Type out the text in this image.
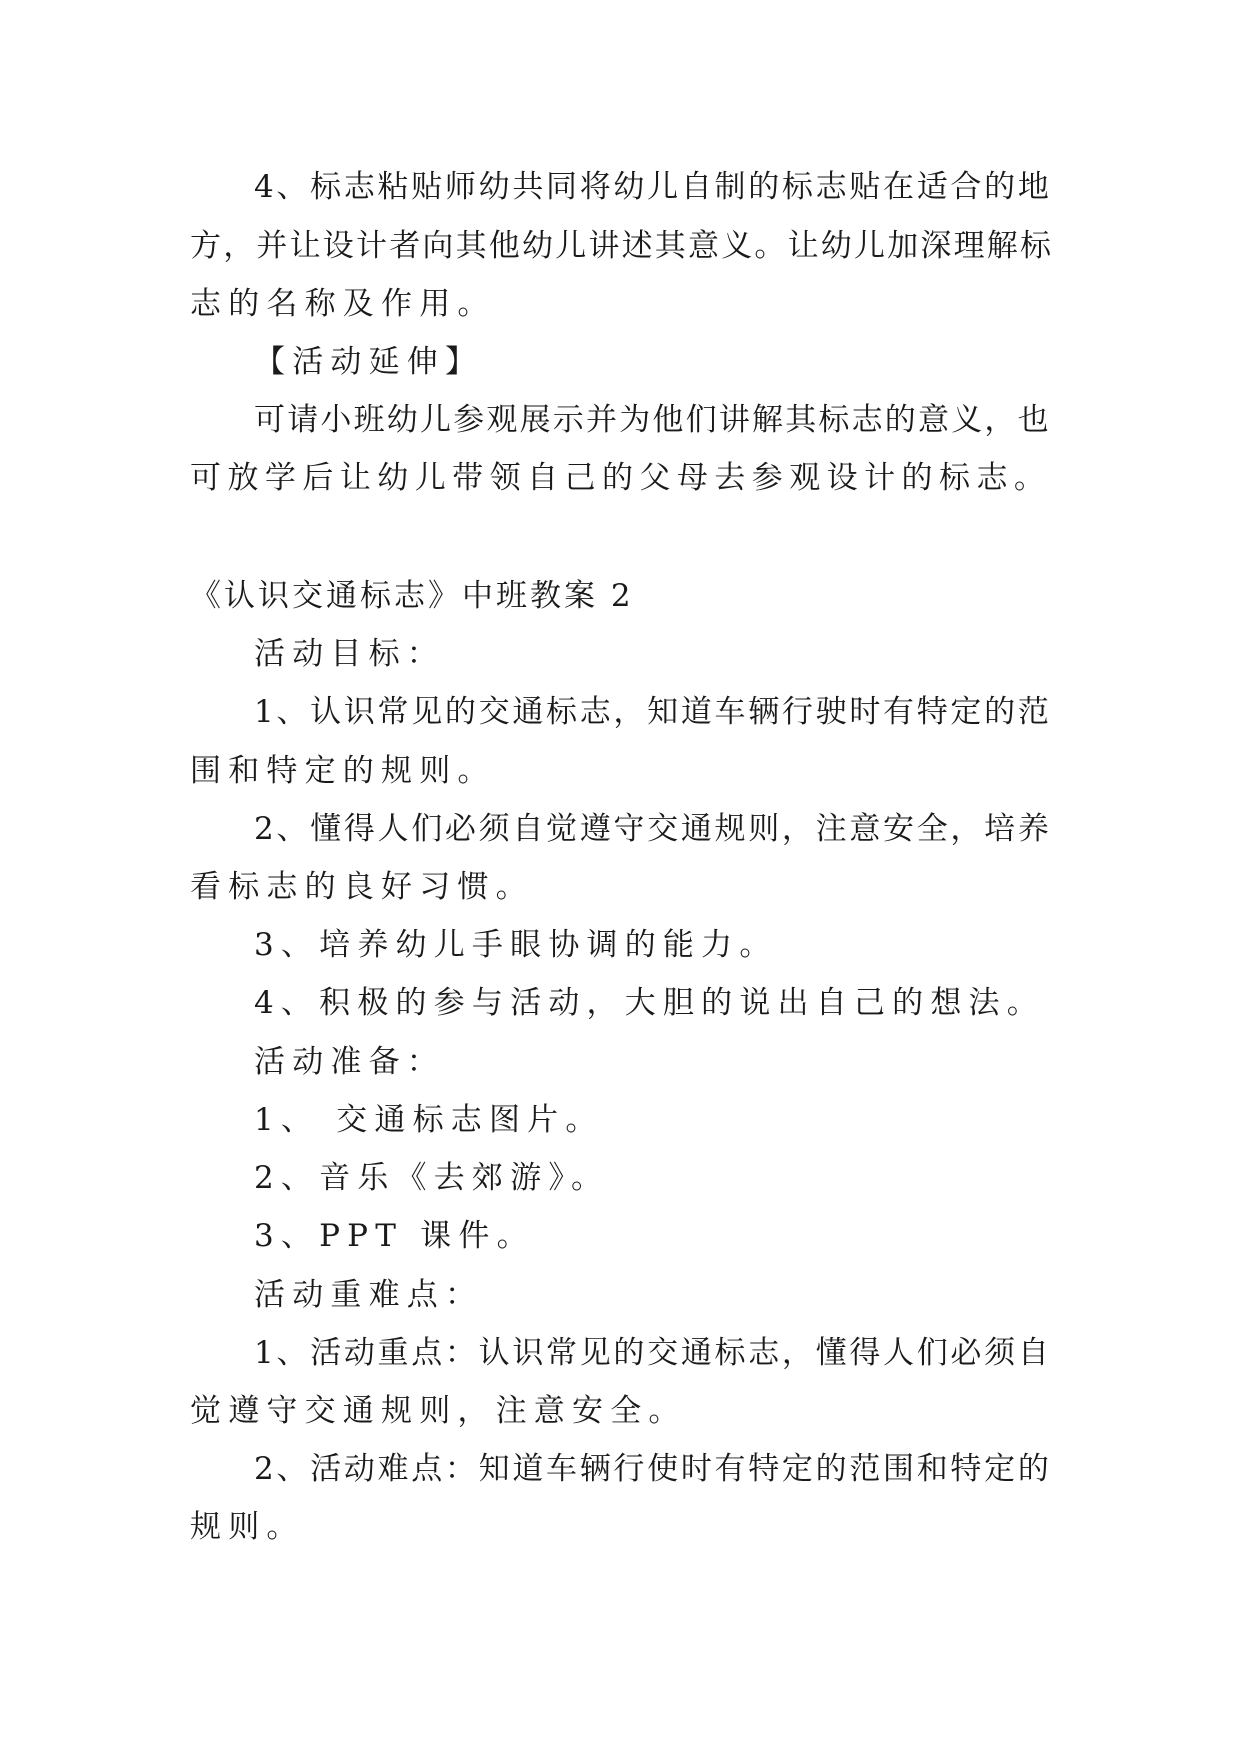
4、标志粘贴师幼共同将幼儿自制的标志贴在适合的地
方，并让设计者向其他幼儿讲述其意义。让幼儿加深理解标
志的名称及作用。
【活动延伸】
可请小班幼儿参观展示并为他们讲解其标志的意义，也
可放学后让幼儿带领自己的父母去参观设计的标志。
《认识交通标志》中班教案 2
活动目标：
1、认识常见的交通标志，知道车辆行驶时有特定的范
围和特定的规则。
2、懂得人们必须自觉遵守交通规则，注意安全，培养
看标志的良好习惯。
3、培养幼儿手眼协调的能力。
4、积极的参与活动，大胆的说出自己的想法。
活动准备：
1、 交通标志图片。
2、音乐《去郊游》。
3、PPT 课件。
活动重难点：
1、活动重点：认识常见的交通标志，懂得人们必须自
觉遵守交通规则，注意安全。
2、活动难点：知道车辆行使时有特定的范围和特定的
规则。
